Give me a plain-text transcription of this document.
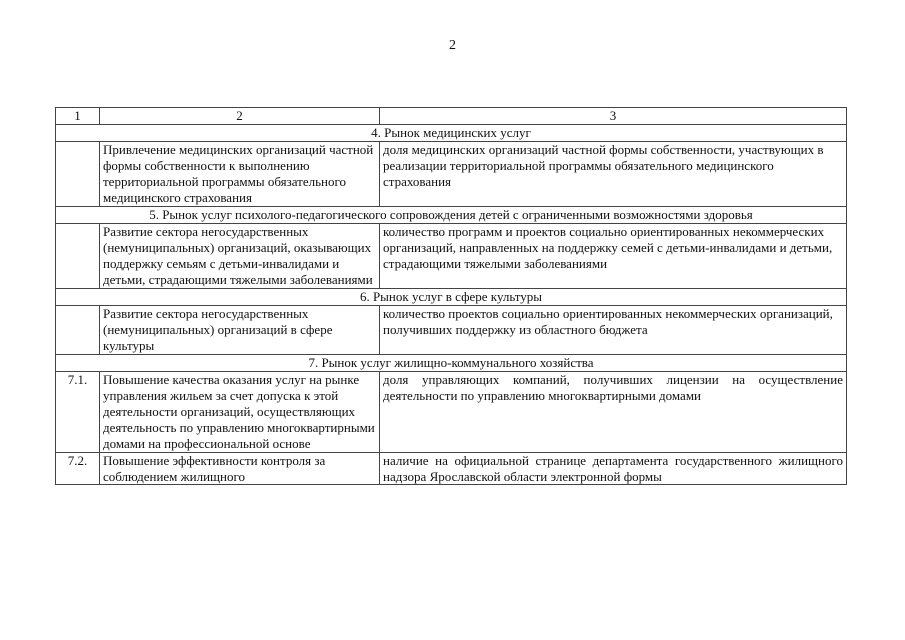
2
1	2	3
4. Рынок медицинских услуг		
	Привлечение медицинских организаций частной формы собственности к выполнению территориальной программы обязательного медицинского страхования	доля медицинских организаций частной формы собственности, участвующих в реализации территориальной программы обязательного медицинского страхования
5. Рынок услуг психолого-педагогического сопровождения детей с ограниченными возможностями здоровья		
	Развитие сектора негосударственных (немуниципальных) организаций, оказывающих поддержку семьям с детьми-инвалидами и детьми, страдающими тяжелыми заболеваниями	количество программ и проектов социально ориентированных некоммерческих организаций, направленных на поддержку семей с детьми-инвалидами и детьми, страдающими тяжелыми заболеваниями
6. Рынок услуг в сфере культуры		
	Развитие сектора негосударственных (немуниципальных) организаций в сфере культуры	количество проектов социально ориентированных некоммерческих организаций, получивших поддержку из областного бюджета
7. Рынок услуг жилищно-коммунального хозяйства		
7.1.	Повышение качества оказания услуг на рынке управления жильем за счет допуска к этой деятельности организаций, осуществляющих деятельность по управлению многоквартирными домами на профессиональной основе	доля управляющих компаний, получивших лицензии на осуществление деятельности по управлению многоквартирными домами

7.2.	Повышение эффективности контроля за соблюдением жилищного	наличие на официальной странице департамента государственного жилищного надзора Ярославской области электронной формы
